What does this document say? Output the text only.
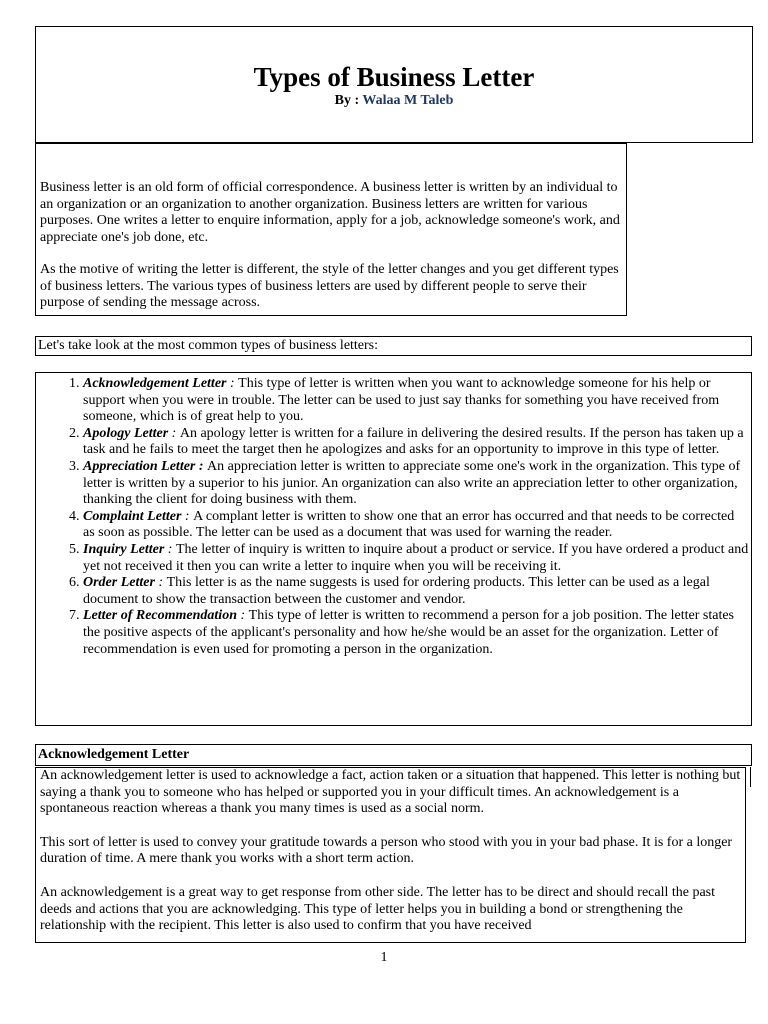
Types of Business Letter
By : Walaa M Taleb

Business letter is an old form of official correspondence. A business letter is written by an individual to an organization or an organization to another organization. Business letters are written for various purposes. One writes a letter to enquire information, apply for a job, acknowledge someone's work, and appreciate one's job done, etc.

As the motive of writing the letter is different, the style of the letter changes and you get different types of business letters. The various types of business letters are used by different people to serve their purpose of sending the message across.

Let's take look at the most common types of business letters:
1. Acknowledgement Letter : This type of letter is written when you want to acknowledge someone for his help or support when you were in trouble. The letter can be used to just say thanks for something you have received from someone, which is of great help to you.
2. Apology Letter : An apology letter is written for a failure in delivering the desired results. If the person has taken up a task and he fails to meet the target then he apologizes and asks for an opportunity to improve in this type of letter.
3. Appreciation Letter : An appreciation letter is written to appreciate some one's work in the organization. This type of letter is written by a superior to his junior. An organization can also write an appreciation letter to other organization, thanking the client for doing business with them.
4. Complaint Letter : A complant letter is written to show one that an error has occurred and that needs to be corrected as soon as possible. The letter can be used as a document that was used for warning the reader.
5. Inquiry Letter : The letter of inquiry is written to inquire about a product or service. If you have ordered a product and yet not received it then you can write a letter to inquire when you will be receiving it.
6. Order Letter : This letter is as the name suggests is used for ordering products. This letter can be used as a legal document to show the transaction between the customer and vendor.
7. Letter of Recommendation : This type of letter is written to recommend a person for a job position. The letter states the positive aspects of the applicant's personality and how he/she would be an asset for the organization. Letter of recommendation is even used for promoting a person in the organization.
Acknowledgement Letter

An acknowledgement letter is used to acknowledge a fact, action taken or a situation that happened. This letter is nothing but saying a thank you to someone who has helped or supported you in your difficult times. An acknowledgement is a spontaneous reaction whereas a thank you many times is used as a social norm.

This sort of letter is used to convey your gratitude towards a person who stood with you in your bad phase. It is for a longer duration of time. A mere thank you works with a short term action.

An acknowledgement is a great way to get response from other side. The letter has to be direct and should recall the past deeds and actions that you are acknowledging. This type of letter helps you in building a bond or strengthening the relationship with the recipient. This letter is also used to confirm that you have received

1
